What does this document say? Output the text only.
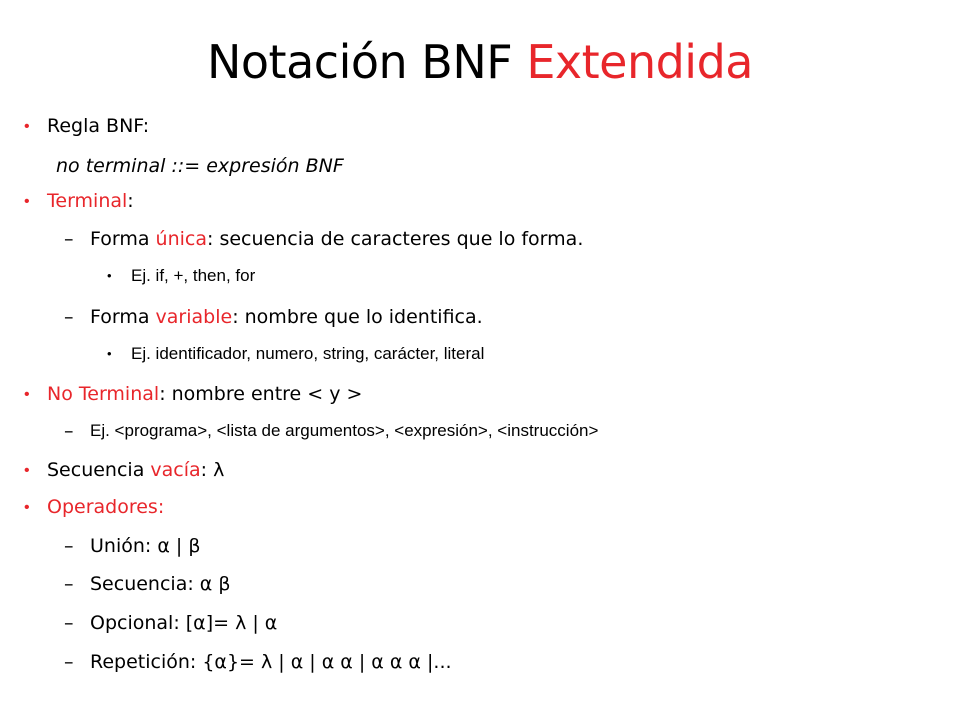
Notación BNF Extendida
• Regla BNF:
no terminal ::= expresión BNF
• Terminal:
– Forma única: secuencia de caracteres que lo forma.
• Ej. if, +, then, for
– Forma variable: nombre que lo identifica.
• Ej. identificador, numero, string, carácter, literal
• No Terminal: nombre entre < y >
– Ej. <programa>, <lista de argumentos>, <expresión>, <instrucción>
• Secuencia vacía: λ
• Operadores:
– Unión: α | β
– Secuencia: α β
– Opcional: [α]= λ | α
– Repetición: {α}= λ | α | α α | α α α |...
